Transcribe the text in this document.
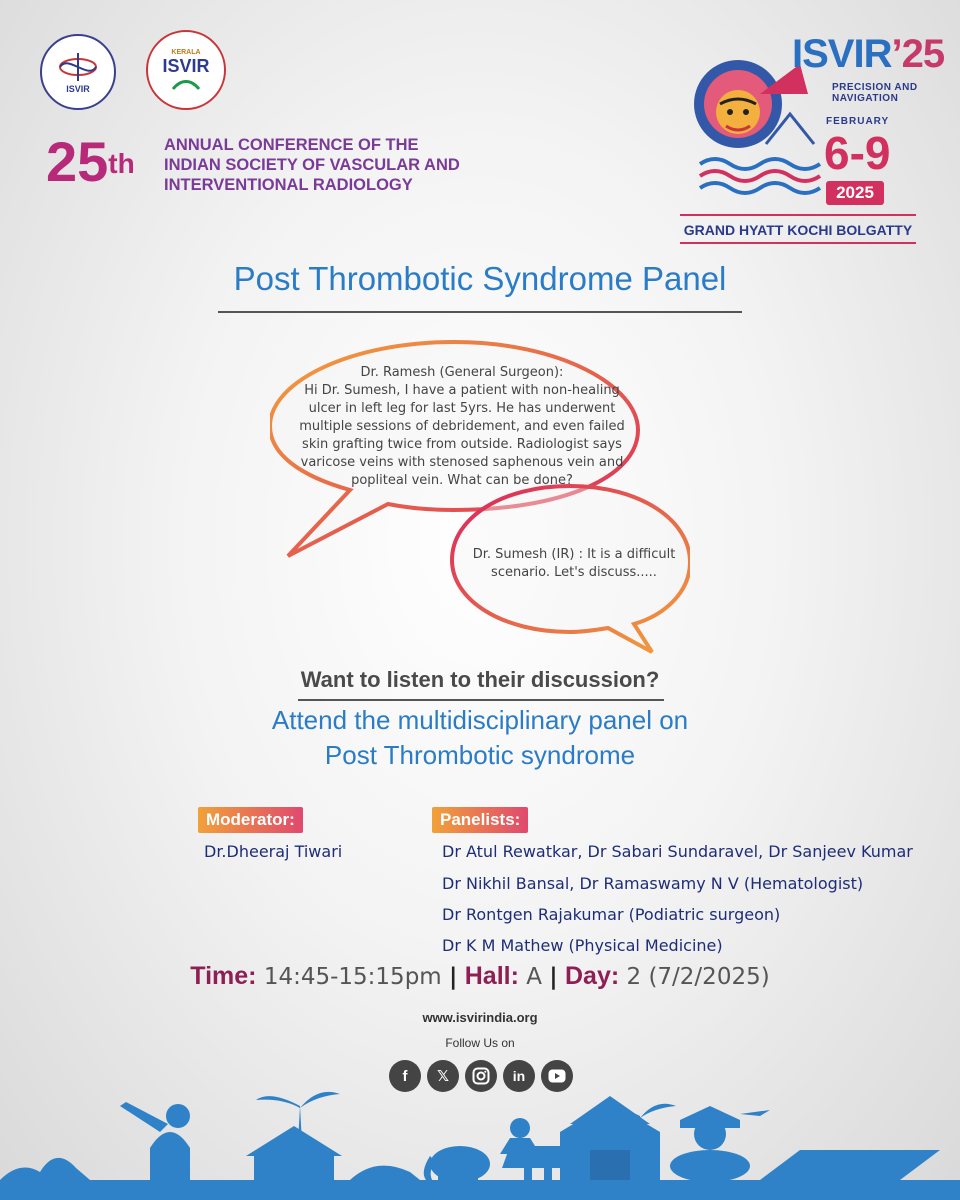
ISVIR
KERALA
ISVIR
25th
ANNUAL CONFERENCE OF THE
INDIAN SOCIETY OF VASCULAR AND
INTERVENTIONAL RADIOLOGY
ISVIR’25
PRECISION AND NAVIGATION
FEBRUARY
6-9
2025
GRAND HYATT KOCHI BOLGATTY
Post Thrombotic Syndrome Panel
Dr. Ramesh (General Surgeon):
Hi Dr. Sumesh, I have a patient with non-healing ulcer in left leg for last 5yrs. He has underwent multiple sessions of debridement, and even failed skin grafting twice from outside. Radiologist says varicose veins with stenosed saphenous vein and popliteal vein. What can be done?
Dr. Sumesh (IR) : It is a difficult scenario. Let's discuss.....
Want to listen to their discussion?
Attend the multidisciplinary panel on
Post Thrombotic syndrome
Moderator:
Dr.Dheeraj Tiwari
Panelists:
Dr Atul Rewatkar, Dr Sabari Sundaravel, Dr Sanjeev Kumar
Dr Nikhil Bansal, Dr Ramaswamy N V (Hematologist)
Dr Rontgen Rajakumar (Podiatric surgeon)
Dr K M Mathew (Physical Medicine)
Time: 14:45-15:15pm | Hall: A | Day: 2 (7/2/2025)
www.isvirindia.org
Follow Us on
f	𝕏	in
